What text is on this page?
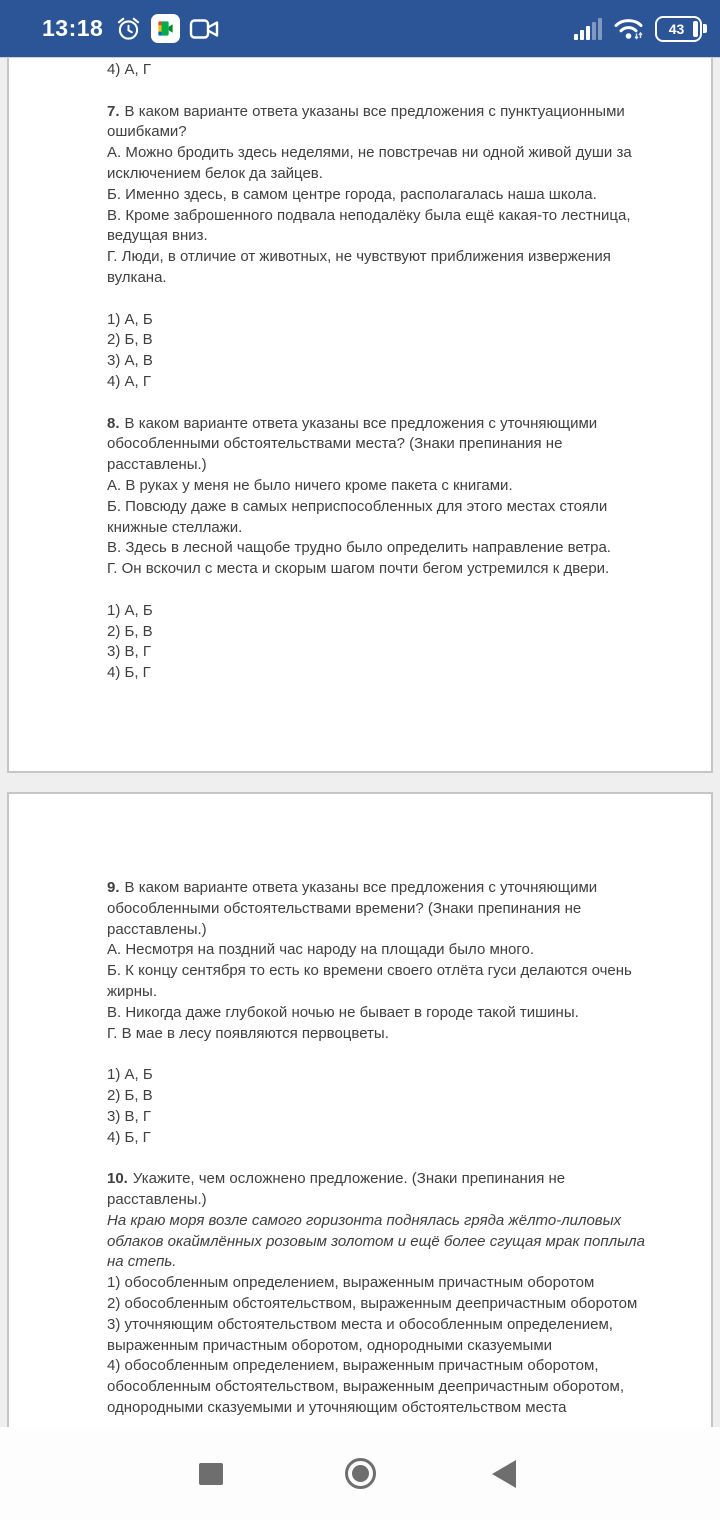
13:18	43

4) А, Г

7. В каком варианте ответа указаны все предложения с пунктуационными

ошибками?

А. Можно бродить здесь неделями, не повстречав ни одной живой души за

исключением белок да зайцев.

Б. Именно здесь, в самом центре города, располагалась наша школа.

В. Кроме заброшенного подвала неподалёку была ещё какая-то лестница,

ведущая вниз.

Г. Люди, в отличие от животных, не чувствуют приближения извержения

вулкана.

1) А, Б

2) Б, В

3) А, В

4) А, Г

8. В каком варианте ответа указаны все предложения с уточняющими

обособленными обстоятельствами места? (Знаки препинания не

расставлены.)

А. В руках у меня не было ничего кроме пакета с книгами.

Б. Повсюду даже в самых неприспособленных для этого местах стояли

книжные стеллажи.

В. Здесь в лесной чащобе трудно было определить направление ветра.

Г. Он вскочил с места и скорым шагом почти бегом устремился к двери.

1) А, Б

2) Б, В

3) В, Г

4) Б, Г

9. В каком варианте ответа указаны все предложения с уточняющими

обособленными обстоятельствами времени? (Знаки препинания не

расставлены.)

А. Несмотря на поздний час народу на площади было много.

Б. К концу сентября то есть ко времени своего отлёта гуси делаются очень

жирны.

В. Никогда даже глубокой ночью не бывает в городе такой тишины.

Г. В мае в лесу появляются первоцветы.

1) А, Б

2) Б, В

3) В, Г

4) Б, Г

10. Укажите, чем осложнено предложение. (Знаки препинания не

расставлены.)

На краю моря возле самого горизонта поднялась гряда жёлто-лиловых

облаков окаймлённых розовым золотом и ещё более сгущая мрак поплыла

на степь.

1) обособленным определением, выраженным причастным оборотом

2) обособленным обстоятельством, выраженным деепричастным оборотом

3) уточняющим обстоятельством места и обособленным определением,

выраженным причастным оборотом, однородными сказуемыми

4) обособленным определением, выраженным причастным оборотом,

обособленным обстоятельством, выраженным деепричастным оборотом,

однородными сказуемыми и уточняющим обстоятельством места
